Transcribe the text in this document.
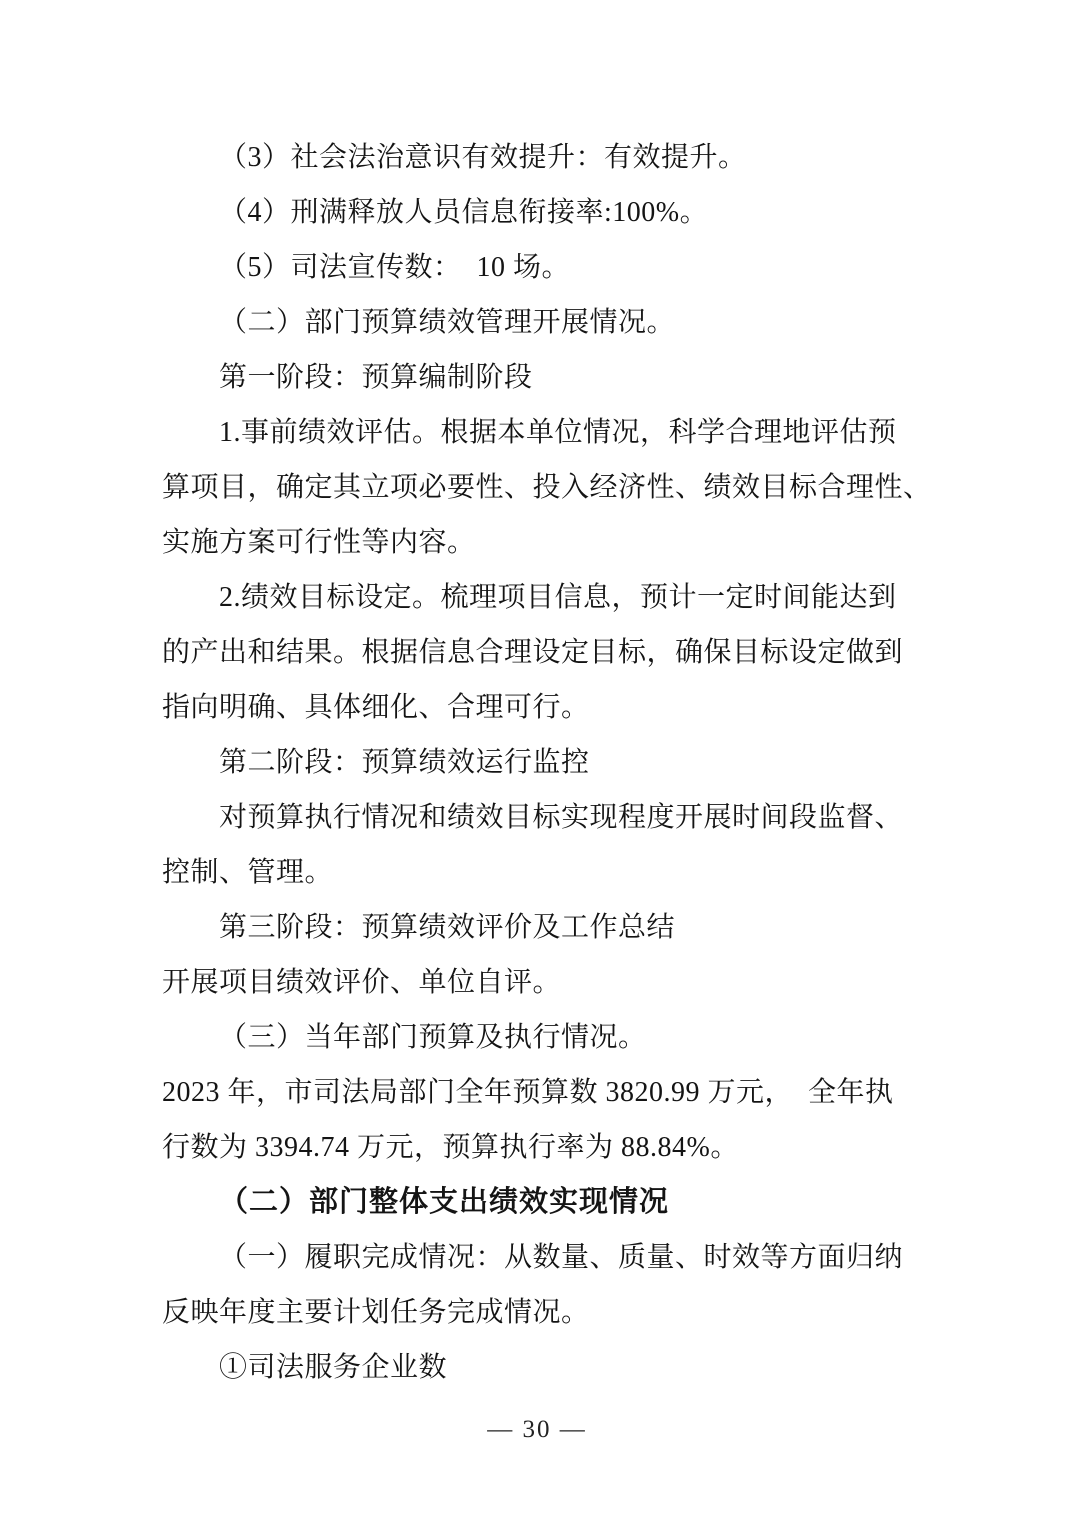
（3）社会法治意识有效提升：有效提升。
（4）刑满释放人员信息衔接率:100%。
（5）司法宣传数：  10 场。
（二）部门预算绩效管理开展情况。
第一阶段：预算编制阶段
1.事前绩效评估。根据本单位情况，科学合理地评估预
算项目，确定其立项必要性、投入经济性、绩效目标合理性、
实施方案可行性等内容。
2.绩效目标设定。梳理项目信息，预计一定时间能达到
的产出和结果。根据信息合理设定目标，确保目标设定做到
指向明确、具体细化、合理可行。
第二阶段：预算绩效运行监控
对预算执行情况和绩效目标实现程度开展时间段监督、
控制、管理。
第三阶段：预算绩效评价及工作总结
开展项目绩效评价、单位自评。
（三）当年部门预算及执行情况。
2023 年，市司法局部门全年预算数 3820.99 万元，  全年执
行数为 3394.74 万元，预算执行率为 88.84%。
（二）部门整体支出绩效实现情况
（一）履职完成情况：从数量、质量、时效等方面归纳
反映年度主要计划任务完成情况。
①司法服务企业数
— 30 —
